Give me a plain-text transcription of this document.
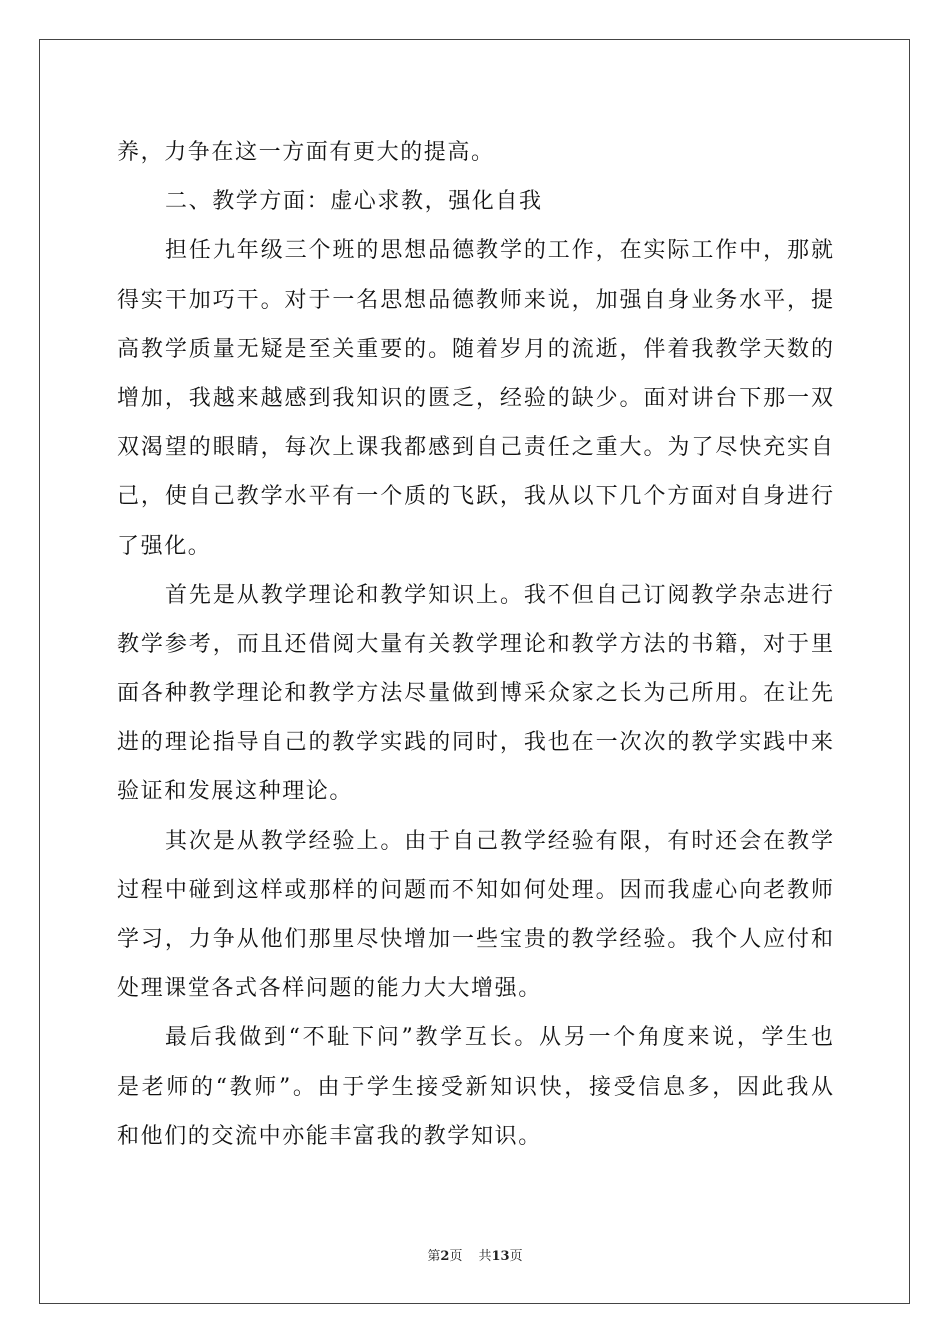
养，力争在这一方面有更大的提高。
二、教学方面：虚心求教，强化自我
担任九年级三个班的思想品德教学的工作，在实际工作中，那就
得实干加巧干。对于一名思想品德教师来说，加强自身业务水平，提
高教学质量无疑是至关重要的。随着岁月的流逝，伴着我教学天数的
增加，我越来越感到我知识的匮乏，经验的缺少。面对讲台下那一双
双渴望的眼睛，每次上课我都感到自己责任之重大。为了尽快充实自
己，使自己教学水平有一个质的飞跃，我从以下几个方面对自身进行
了强化。
首先是从教学理论和教学知识上。我不但自己订阅教学杂志进行
教学参考，而且还借阅大量有关教学理论和教学方法的书籍，对于里
面各种教学理论和教学方法尽量做到博采众家之长为己所用。在让先
进的理论指导自己的教学实践的同时，我也在一次次的教学实践中来
验证和发展这种理论。
其次是从教学经验上。由于自己教学经验有限，有时还会在教学
过程中碰到这样或那样的问题而不知如何处理。因而我虚心向老教师
学习，力争从他们那里尽快增加一些宝贵的教学经验。我个人应付和
处理课堂各式各样问题的能力大大增强。
最后我做到“不耻下问”教学互长。从另一个角度来说，学生也
是老师的“教师”。由于学生接受新知识快，接受信息多，因此我从
和他们的交流中亦能丰富我的教学知识。
第2页 共13页
